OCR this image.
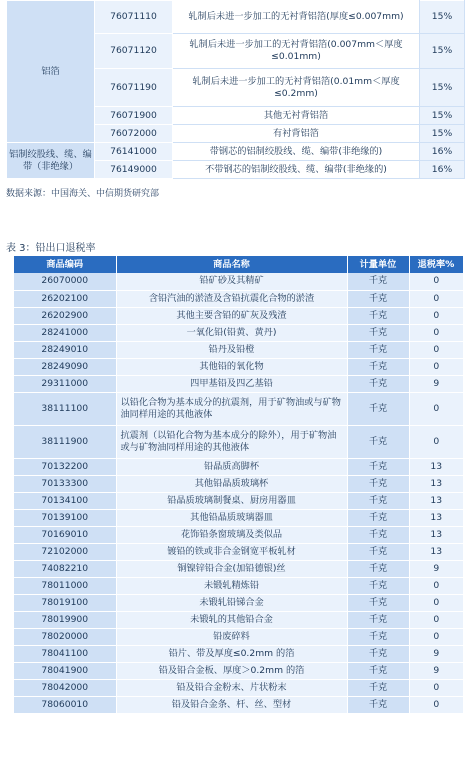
铝箔	76071110	轧制后未进一步加工的无衬背铝箔(厚度≤0.007mm)	15%
	76071120	轧制后未进一步加工的无衬背铝箔(0.007mm＜厚度≤0.01mm)	15%
	76071190	轧制后未进一步加工的无衬背铝箔(0.01mm＜厚度≤0.2mm)	15%
	76071900	其他无衬背铝箔	15%
	76072000	有衬背铝箔	15%
铝制绞股线、缆、编带（非绝缘）	76141000	带钢芯的铝制绞股线、缆、编带(非绝缘的)	16%
	76149000	不带钢芯的铝制绞股线、缆、编带(非绝缘的)	16%
数据来源：中国海关、中信期货研究部
表 3：铅出口退税率
商品编码	商品名称	计量单位	退税率%
26070000	铅矿砂及其精矿	千克	0
26202100	含铅汽油的淤渣及含铅抗震化合物的淤渣	千克	0
26202900	其他主要含铅的矿灰及残渣	千克	0
28241000	一氧化铅(铅黄、黄丹)	千克	0
28249010	铅丹及铅橙	千克	0
28249090	其他铅的氧化物	千克	0
29311000	四甲基铅及四乙基铅	千克	9
38111100	以铅化合物为基本成分的抗震剂，用于矿物油或与矿物油同样用途的其他液体	千克	0
38111900	抗震剂（以铅化合物为基本成分的除外），用于矿物油或与矿物油同样用途的其他液体	千克	0
70132200	铅晶质高脚杯	千克	13
70133300	其他铅晶质玻璃杯	千克	13
70134100	铅晶质玻璃制餐桌、厨房用器皿	千克	13
70139100	其他铅晶质玻璃器皿	千克	13
70169010	花饰铅条窗玻璃及类似品	千克	13
72102000	镀铅的铁或非合金钢宽平板轧材	千克	13
74082210	铜镍锌铅合金(加铅德银)丝	千克	9
78011000	未锻轧精炼铅	千克	0
78019100	未锻轧铅锑合金	千克	0
78019900	未锻轧的其他铅合金	千克	0
78020000	铅废碎料	千克	0
78041100	铅片、带及厚度≤0.2mm 的箔	千克	9
78041900	铅及铅合金板、厚度＞0.2mm 的箔	千克	9
78042000	铅及铅合金粉末、片状粉末	千克	0
78060010	铅及铅合金条、杆、丝、型材	千克	0
